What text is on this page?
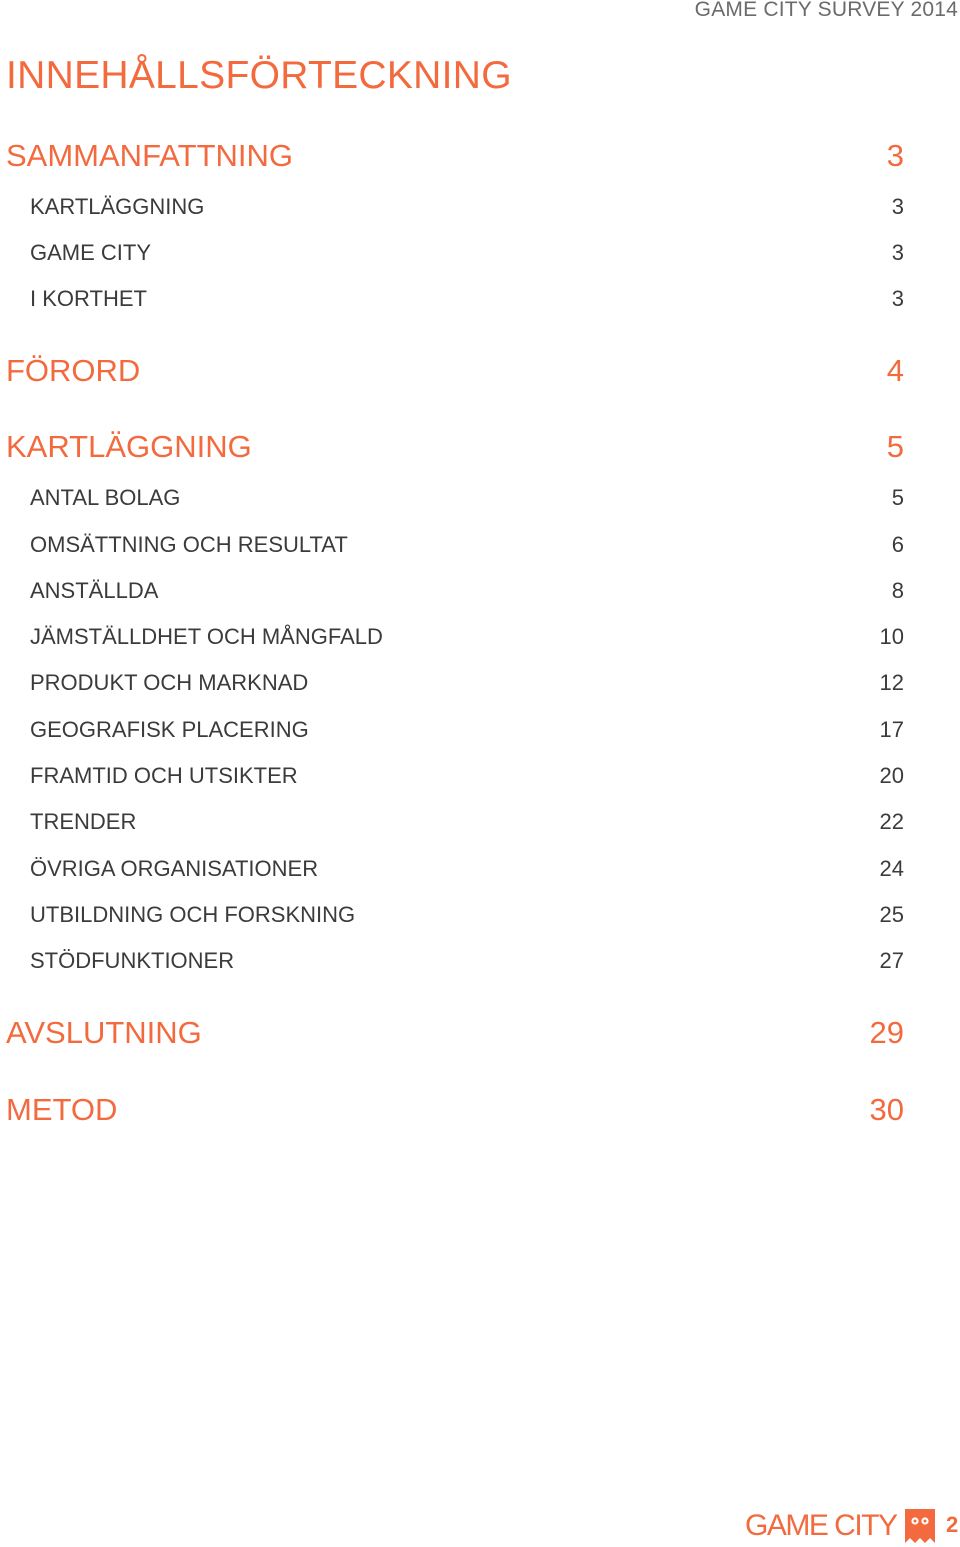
GAME CITY SURVEY 2014
INNEHÅLLSFÖRTECKNING
SAMMANFATTNING	3
KARTLÄGGNING	3
GAME CITY	3
I KORTHET	3
FÖRORD	4
KARTLÄGGNING	5
ANTAL BOLAG	5
OMSÄTTNING OCH RESULTAT	6
ANSTÄLLDA	8
JÄMSTÄLLDHET OCH MÅNGFALD	10
PRODUKT OCH MARKNAD	12
GEOGRAFISK PLACERING	17
FRAMTID OCH UTSIKTER	20
TRENDER	22
ÖVRIGA ORGANISATIONER	24
UTBILDNING OCH FORSKNING	25
STÖDFUNKTIONER	27
AVSLUTNING	29
METOD	30
GAME CITY 2
